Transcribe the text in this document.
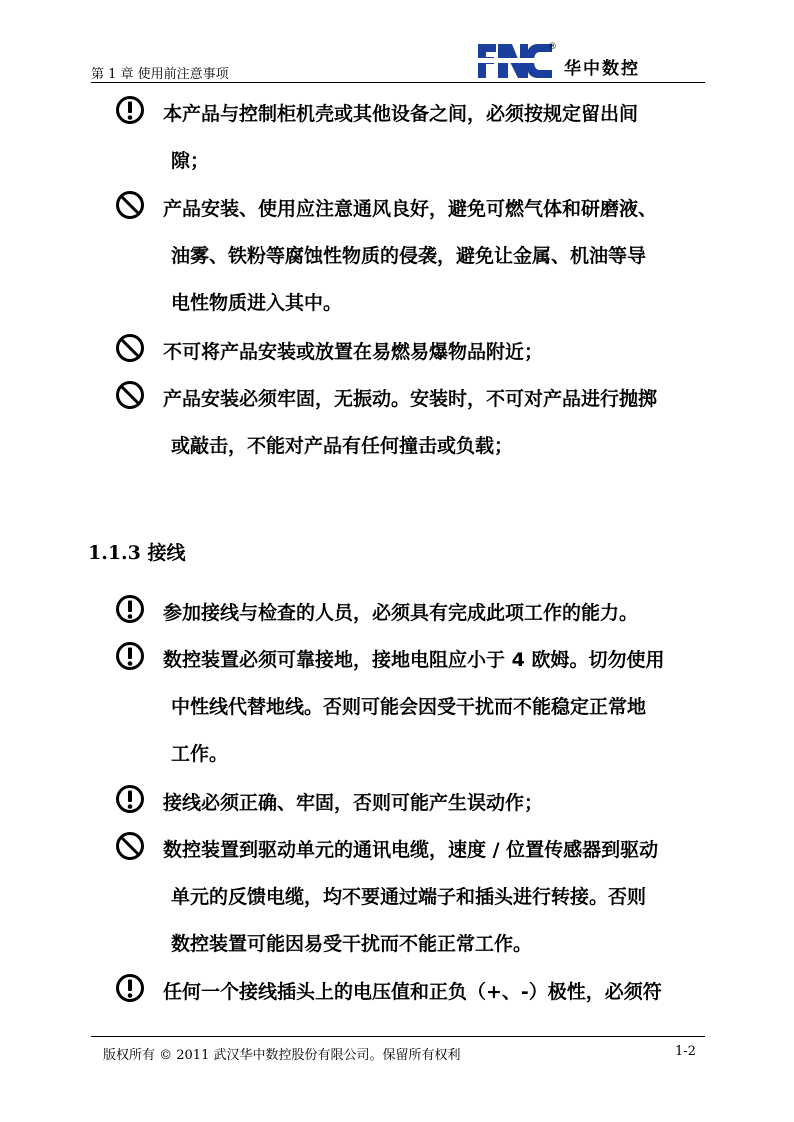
第 1 章 使用前注意事项
®
华中数控
本产品与控制柜机壳或其他设备之间，必须按规定留出间
隙；
产品安装、使用应注意通风良好，避免可燃气体和研磨液、
油雾、铁粉等腐蚀性物质的侵袭，避免让金属、机油等导
电性物质进入其中。
不可将产品安装或放置在易燃易爆物品附近；
产品安装必须牢固，无振动。安装时，不可对产品进行抛掷
或敲击，不能对产品有任何撞击或负载；
1.1.3 接线
参加接线与检查的人员，必须具有完成此项工作的能力。
数控装置必须可靠接地，接地电阻应小于 4 欧姆。切勿使用
中性线代替地线。否则可能会因受干扰而不能稳定正常地
工作。
接线必须正确、牢固，否则可能产生误动作；
数控装置到驱动单元的通讯电缆，速度 / 位置传感器到驱动
单元的反馈电缆，均不要通过端子和插头进行转接。否则
数控装置可能因易受干扰而不能正常工作。
任何一个接线插头上的电压值和正负（+、-）极性，必须符
版权所有 © 2011 武汉华中数控股份有限公司。保留所有权利	1-2
